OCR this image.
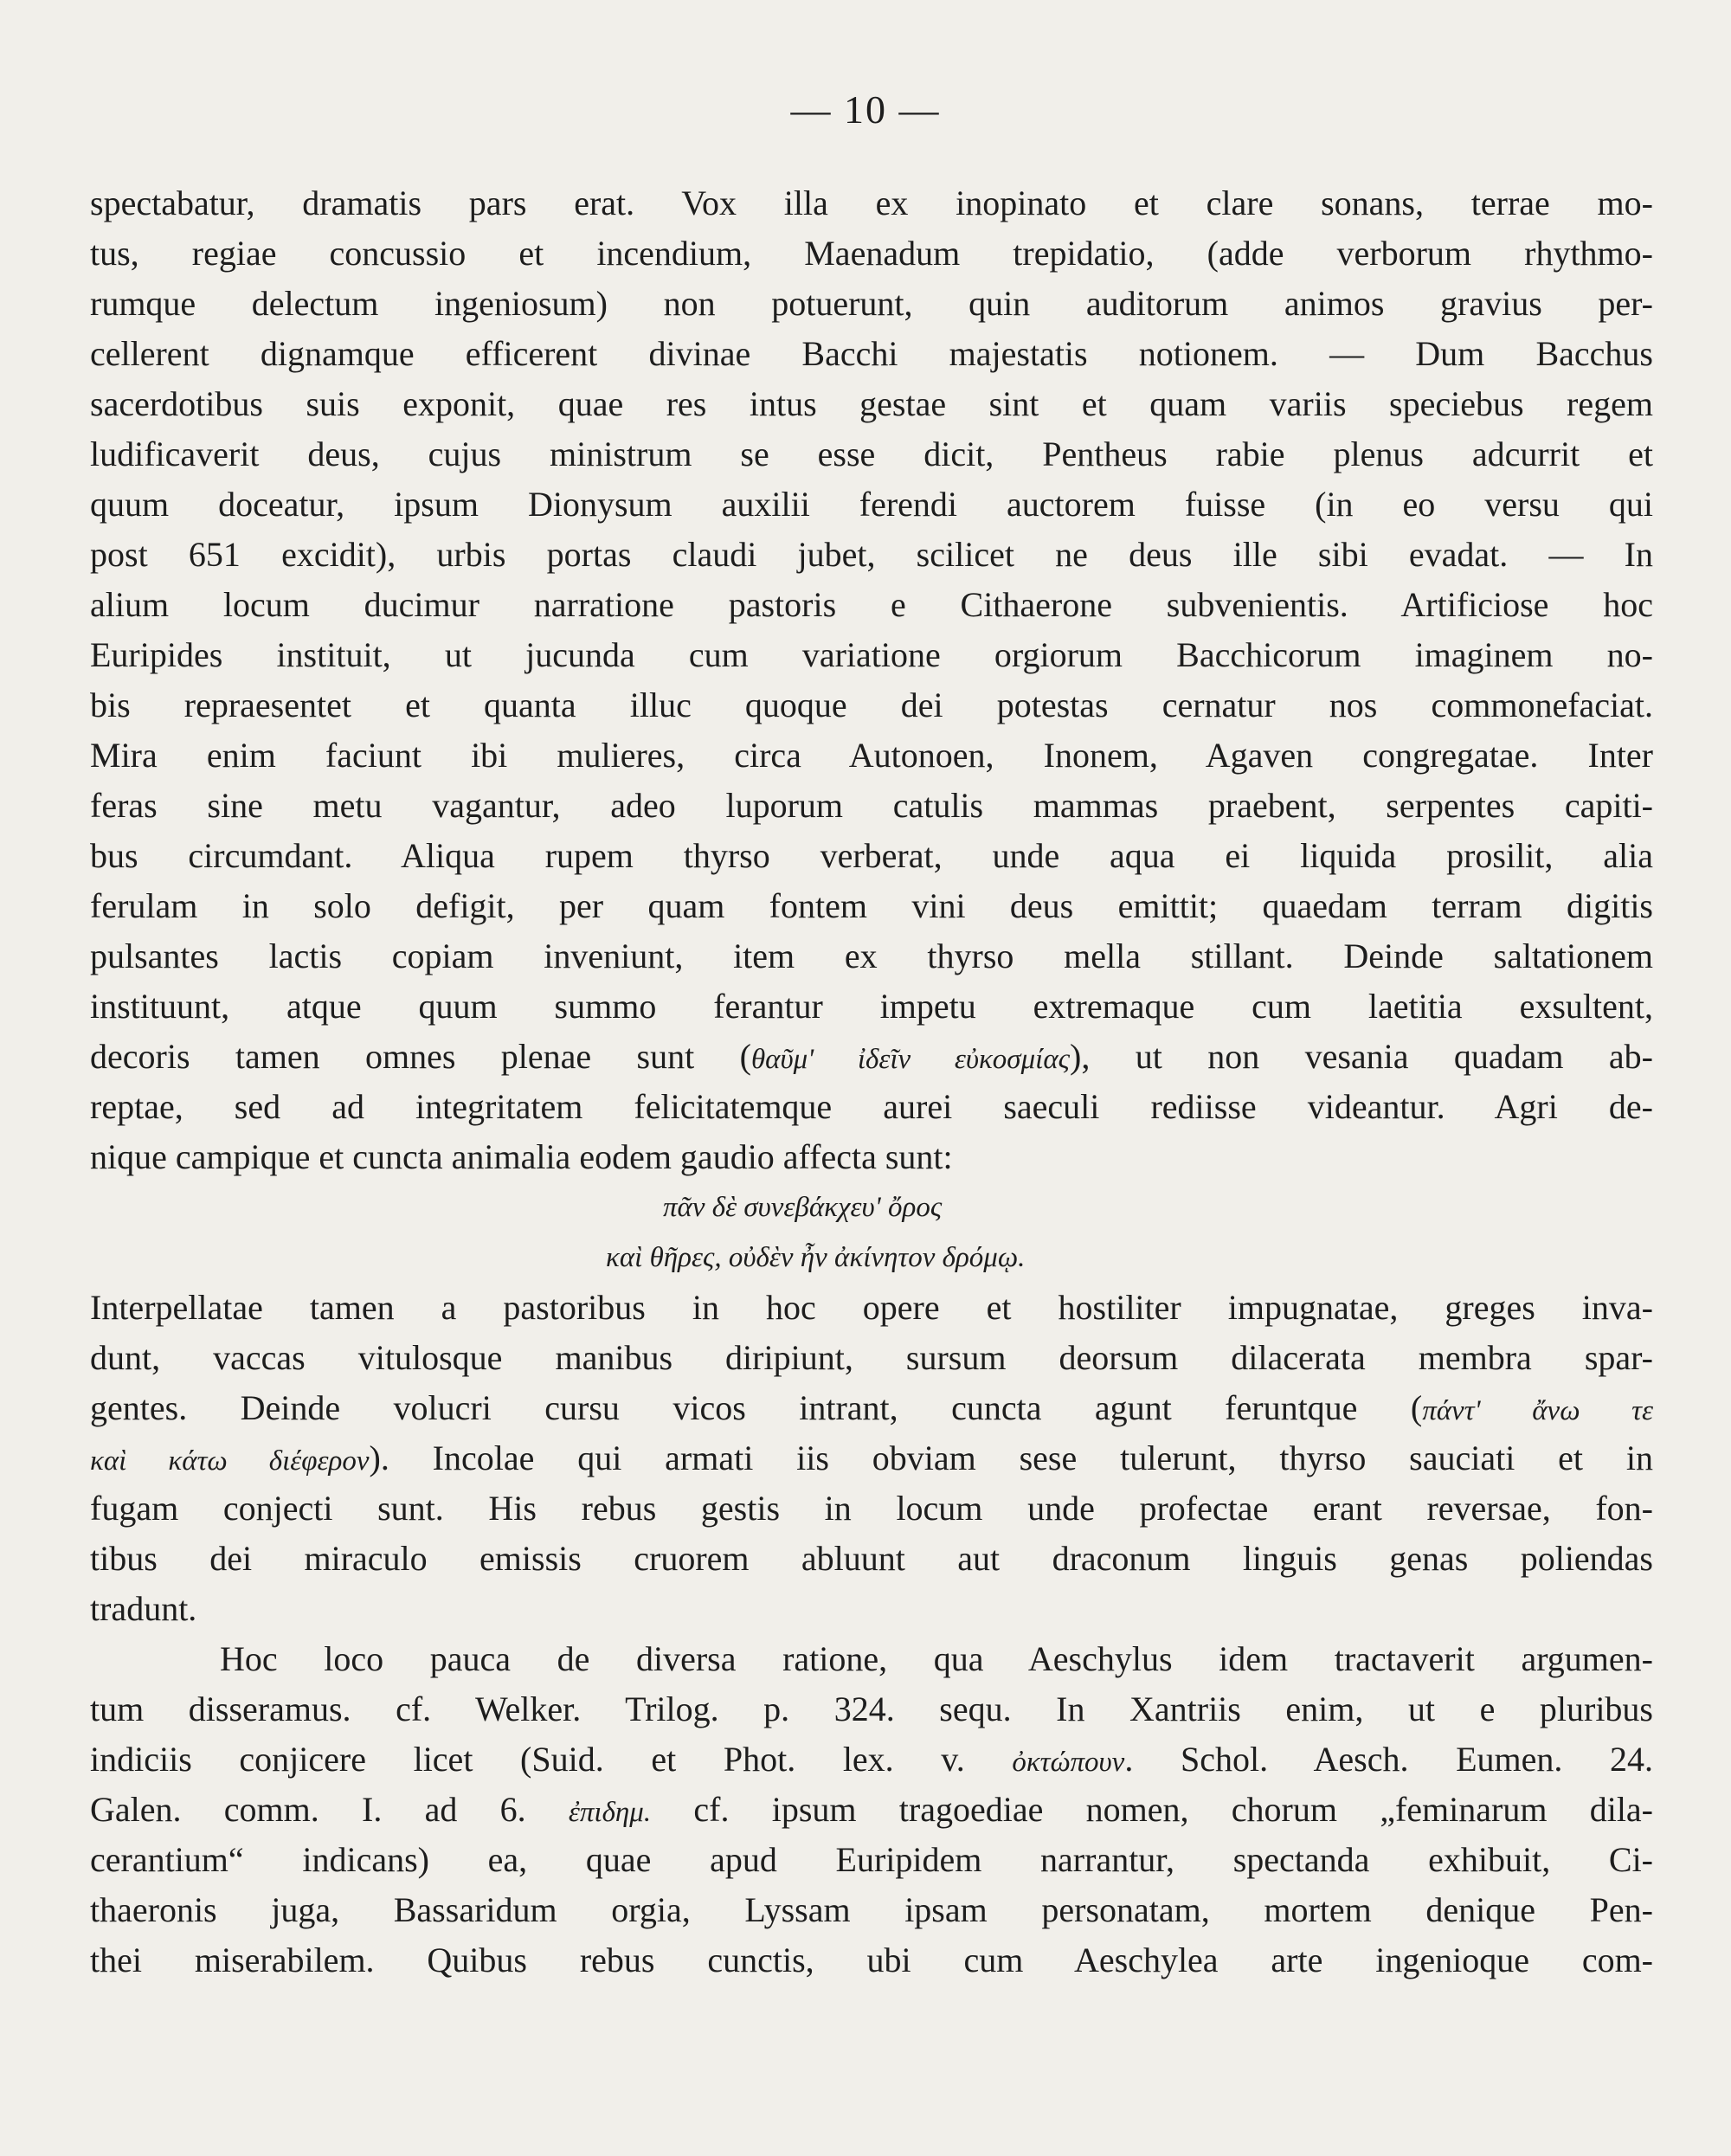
— 10 —
spectabatur, dramatis pars erat. Vox illa ex inopinato et clare sonans, terrae mo-
tus, regiae concussio et incendium, Maenadum trepidatio, (adde verborum rhythmo-
rumque delectum ingeniosum) non potuerunt, quin auditorum animos gravius per-
cellerent dignamque efficerent divinae Bacchi majestatis notionem. — Dum Bacchus
sacerdotibus suis exponit, quae res intus gestae sint et quam variis speciebus regem
ludificaverit deus, cujus ministrum se esse dicit, Pentheus rabie plenus adcurrit et
quum doceatur, ipsum Dionysum auxilii ferendi auctorem fuisse (in eo versu qui
post 651 excidit), urbis portas claudi jubet, scilicet ne deus ille sibi evadat. — In
alium locum ducimur narratione pastoris e Cithaerone subvenientis. Artificiose hoc
Euripides instituit, ut jucunda cum variatione orgiorum Bacchicorum imaginem no-
bis repraesentet et quanta illuc quoque dei potestas cernatur nos commonefaciat.
Mira enim faciunt ibi mulieres, circa Autonoen, Inonem, Agaven congregatae. Inter
feras sine metu vagantur, adeo luporum catulis mammas praebent, serpentes capiti-
bus circumdant. Aliqua rupem thyrso verberat, unde aqua ei liquida prosilit, alia
ferulam in solo defigit, per quam fontem vini deus emittit; quaedam terram digitis
pulsantes lactis copiam inveniunt, item ex thyrso mella stillant. Deinde saltationem
instituunt, atque quum summo ferantur impetu extremaque cum laetitia exsultent,
decoris tamen omnes plenae sunt (θαῦμ' ἰδεῖν εὐκοσμίας), ut non vesania quadam ab-
reptae, sed ad integritatem felicitatemque aurei saeculi rediisse videantur. Agri de-
nique campique et cuncta animalia eodem gaudio affecta sunt:
πᾶν δὲ συνεβάκχευ' ὄρος
καὶ θῆρες, οὐδὲν ἦν ἀκίνητον δρόμῳ.
Interpellatae tamen a pastoribus in hoc opere et hostiliter impugnatae, greges inva-
dunt, vaccas vitulosque manibus diripiunt, sursum deorsum dilacerata membra spar-
gentes. Deinde volucri cursu vicos intrant, cuncta agunt feruntque (πάντ' ἄνω τε
καὶ κάτω διέφερον). Incolae qui armati iis obviam sese tulerunt, thyrso sauciati et in
fugam conjecti sunt. His rebus gestis in locum unde profectae erant reversae, fon-
tibus dei miraculo emissis cruorem abluunt aut draconum linguis genas poliendas
tradunt.
Hoc loco pauca de diversa ratione, qua Aeschylus idem tractaverit argumen-
tum disseramus. cf. Welker. Trilog. p. 324. sequ. In Xantriis enim, ut e pluribus
indiciis conjicere licet (Suid. et Phot. lex. v. ὀκτώπουν. Schol. Aesch. Eumen. 24.
Galen. comm. I. ad 6. ἐπιδημ. cf. ipsum tragoediae nomen, chorum „feminarum dila-
cerantium“ indicans) ea, quae apud Euripidem narrantur, spectanda exhibuit, Ci-
thaeronis juga, Bassaridum orgia, Lyssam ipsam personatam, mortem denique Pen-
thei miserabilem. Quibus rebus cunctis, ubi cum Aeschylea arte ingenioque com-
